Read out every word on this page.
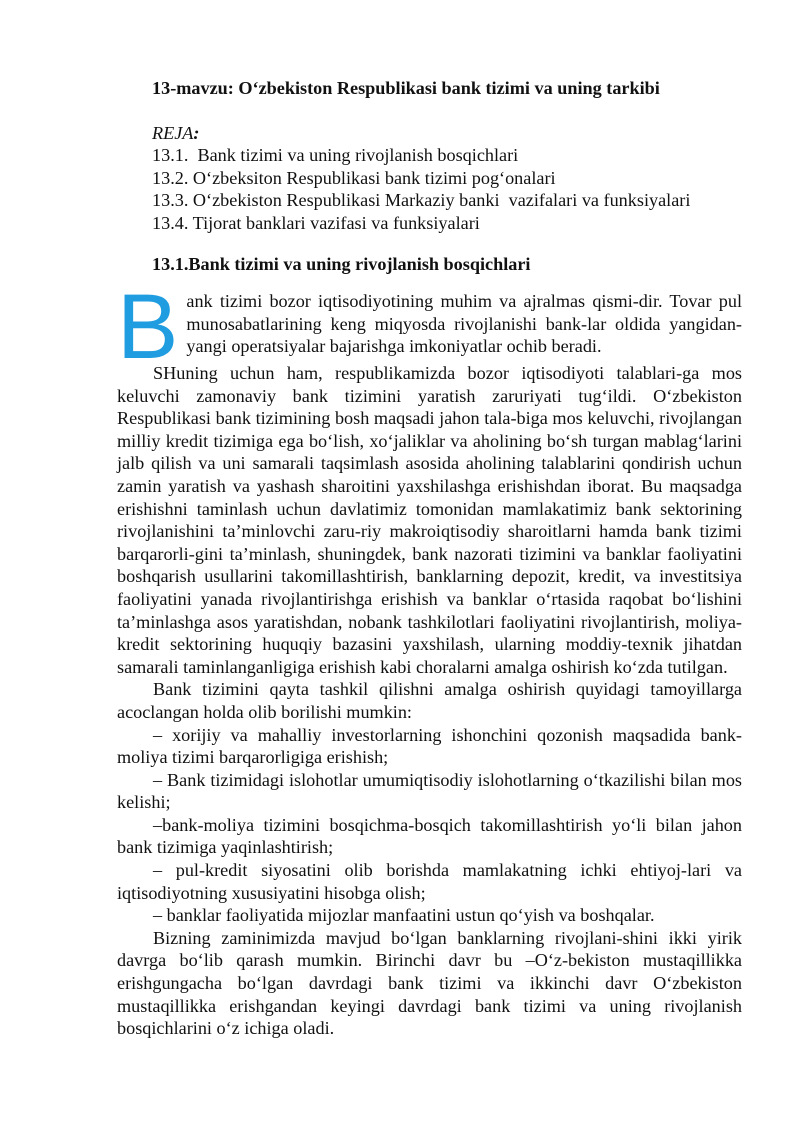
13-mavzu: O‘zbekiston Respublikasi bank tizimi va uning tarkibi
REJA:
13.1.  Bank tizimi va uning rivojlanish bosqichlari
13.2. O‘zbeksiton Respublikasi bank tizimi pog‘onalari
13.3. O‘zbekiston Respublikasi Markaziy banki  vazifalari va funksiyalari
13.4. Tijorat banklari vazifasi va funksiyalari
13.1.Bank tizimi va uning rivojlanish bosqichlari
B ank tizimi bozor iqtisodiyotining muhim va ajralmas qismi-dir. Tovar pul munosabatlarining keng miqyosda rivojlanishi bank-lar oldida yangidan-yangi operatsiyalar bajarishga imkoniyatlar ochib beradi.

SHuning uchun ham, respublikamizda bozor iqtisodiyoti talablari-ga mos keluvchi zamonaviy bank tizimini yaratish zaruriyati tug‘ildi. O‘zbekiston Respublikasi bank tizimining bosh maqsadi jahon tala-biga mos keluvchi, rivojlangan milliy kredit tizimiga ega bo‘lish, xo‘jaliklar va aholining bo‘sh turgan mablag‘larini jalb qilish va uni samarali taqsimlash asosida aholining talablarini qondirish uchun zamin yaratish va yashash sharoitini yaxshilashga erishishdan iborat. Bu maqsadga erishishni taminlash uchun davlatimiz tomonidan mamlakatimiz bank sektorining rivojlanishini ta’minlovchi zaru-riy makroiqtisodiy sharoitlarni hamda bank tizimi barqarorli-gini ta’minlash, shuningdek, bank nazorati tizimini va banklar faoliyatini boshqarish usullarini takomillashtirish, banklarning depozit, kredit, va investitsiya faoliyatini yanada rivojlantirishga erishish va banklar o‘rtasida raqobat bo‘lishini ta’minlashga asos yaratishdan, nobank tashkilotlari faoliyatini rivojlantirish, moliya-kredit sektorining huquqiy bazasini yaxshilash, ularning moddiy-texnik jihatdan samarali taminlanganligiga erishish kabi choralarni amalga oshirish ko‘zda tutilgan.

Bank tizimini qayta tashkil qilishni amalga oshirish quyidagi tamoyillarga acoclangan holda olib borilishi mumkin:

– xorijiy va mahalliy investorlarning ishonchini qozonish maqsadida bank-moliya tizimi barqarorligiga erishish;

– Bank tizimidagi islohotlar umumiqtisodiy islohotlarning o‘tkazilishi bilan mos kelishi;

–bank-moliya tizimini bosqichma-bosqich takomillashtirish yo‘li bilan jahon bank tizimiga yaqinlashtirish;

– pul-kredit siyosatini olib borishda mamlakatning ichki ehtiyoj-lari va iqtisodiyotning xususiyatini hisobga olish;

– banklar faoliyatida mijozlar manfaatini ustun qo‘yish va boshqalar.

Bizning zaminimizda mavjud bo‘lgan banklarning rivojlani-shini ikki yirik davrga bo‘lib qarash mumkin. Birinchi davr bu –O‘z-bekiston mustaqillikka erishgungacha bo‘lgan davrdagi bank tizimi va ikkinchi davr O‘zbekiston mustaqillikka erishgandan keyingi davrdagi bank tizimi va uning rivojlanish bosqichlarini o‘z ichiga oladi.
